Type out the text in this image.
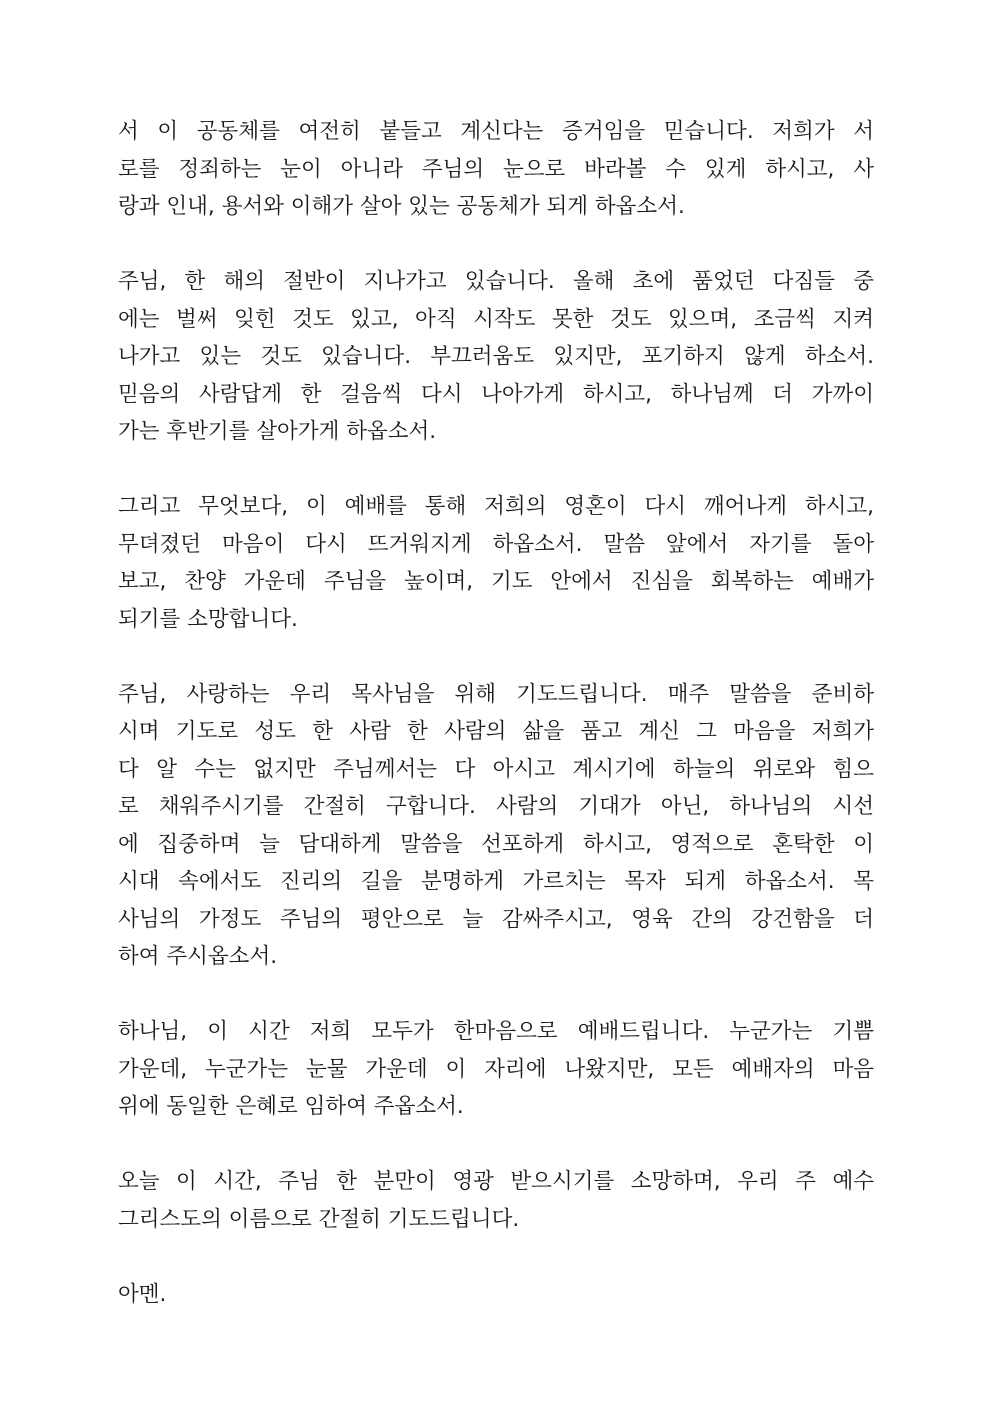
서 이 공동체를 여전히 붙들고 계신다는 증거임을 믿습니다. 저희가 서
로를 정죄하는 눈이 아니라 주님의 눈으로 바라볼 수 있게 하시고, 사
랑과 인내, 용서와 이해가 살아 있는 공동체가 되게 하옵소서.

주님, 한 해의 절반이 지나가고 있습니다. 올해 초에 품었던 다짐들 중
에는 벌써 잊힌 것도 있고, 아직 시작도 못한 것도 있으며, 조금씩 지켜
나가고 있는 것도 있습니다. 부끄러움도 있지만, 포기하지 않게 하소서.
믿음의 사람답게 한 걸음씩 다시 나아가게 하시고, 하나님께 더 가까이
가는 후반기를 살아가게 하옵소서.

그리고 무엇보다, 이 예배를 통해 저희의 영혼이 다시 깨어나게 하시고,
무뎌졌던 마음이 다시 뜨거워지게 하옵소서. 말씀 앞에서 자기를 돌아
보고, 찬양 가운데 주님을 높이며, 기도 안에서 진심을 회복하는 예배가
되기를 소망합니다.

주님, 사랑하는 우리 목사님을 위해 기도드립니다. 매주 말씀을 준비하
시며 기도로 성도 한 사람 한 사람의 삶을 품고 계신 그 마음을 저희가
다 알 수는 없지만 주님께서는 다 아시고 계시기에 하늘의 위로와 힘으
로 채워주시기를 간절히 구합니다. 사람의 기대가 아닌, 하나님의 시선
에 집중하며 늘 담대하게 말씀을 선포하게 하시고, 영적으로 혼탁한 이
시대 속에서도 진리의 길을 분명하게 가르치는 목자 되게 하옵소서. 목
사님의 가정도 주님의 평안으로 늘 감싸주시고, 영육 간의 강건함을 더
하여 주시옵소서.

하나님, 이 시간 저희 모두가 한마음으로 예배드립니다. 누군가는 기쁨
가운데, 누군가는 눈물 가운데 이 자리에 나왔지만, 모든 예배자의 마음
위에 동일한 은혜로 임하여 주옵소서.

오늘 이 시간, 주님 한 분만이 영광 받으시기를 소망하며, 우리 주 예수
그리스도의 이름으로 간절히 기도드립니다.

아멘.
